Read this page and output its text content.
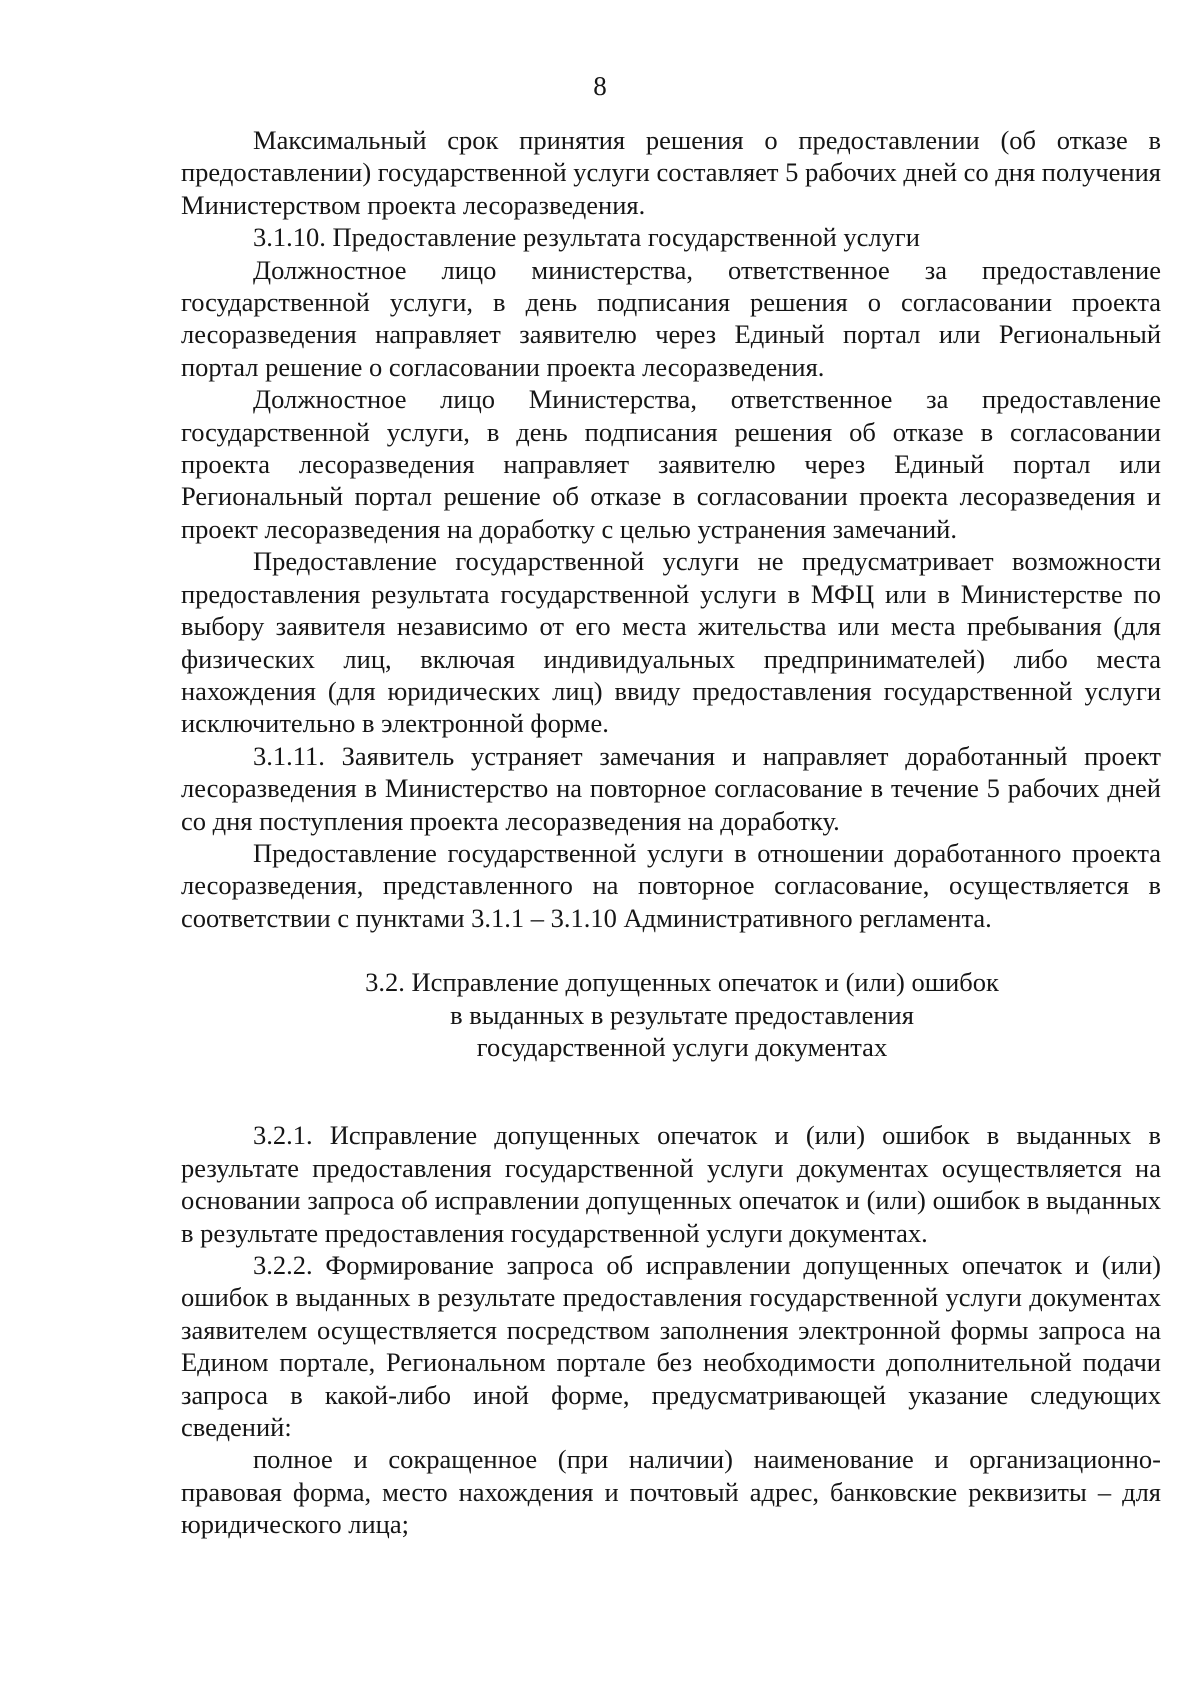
8

Максимальный срок принятия решения о предоставлении (об отказе в предоставлении) государственной услуги составляет 5 рабочих дней со дня получения Министерством проекта лесоразведения.

3.1.10. Предоставление результата государственной услуги

Должностное лицо министерства, ответственное за предоставление государственной услуги, в день подписания решения о согласовании проекта лесоразведения направляет заявителю через Единый портал или Региональный портал решение о согласовании проекта лесоразведения.

Должностное лицо Министерства, ответственное за предоставление государственной услуги, в день подписания решения об отказе в согласовании проекта лесоразведения направляет заявителю через Единый портал или Региональный портал решение об отказе в согласовании проекта лесоразведения и проект лесоразведения на доработку с целью устранения замечаний.

Предоставление государственной услуги не предусматривает возможности предоставления результата государственной услуги в МФЦ или в Министерстве по выбору заявителя независимо от его места жительства или места пребывания (для физических лиц, включая индивидуальных предпринимателей) либо места нахождения (для юридических лиц) ввиду предоставления государственной услуги исключительно в электронной форме.

3.1.11. Заявитель устраняет замечания и направляет доработанный проект лесоразведения в Министерство на повторное согласование в течение 5 рабочих дней со дня поступления проекта лесоразведения на доработку.

Предоставление государственной услуги в отношении доработанного проекта лесоразведения, представленного на повторное согласование, осуществляется в соответствии с пунктами 3.1.1 – 3.1.10 Административного регламента.

3.2. Исправление допущенных опечаток и (или) ошибок
в выданных в результате предоставления
государственной услуги документах

3.2.1. Исправление допущенных опечаток и (или) ошибок в выданных в результате предоставления государственной услуги документах осуществляется на основании запроса об исправлении допущенных опечаток и (или) ошибок в выданных в результате предоставления государственной услуги документах.

3.2.2. Формирование запроса об исправлении допущенных опечаток и (или) ошибок в выданных в результате предоставления государственной услуги документах заявителем осуществляется посредством заполнения электронной формы запроса на Едином портале, Региональном портале без необходимости дополнительной подачи запроса в какой-либо иной форме, предусматривающей указание следующих сведений:

полное и сокращенное (при наличии) наименование и организационно-правовая форма, место нахождения и почтовый адрес, банковские реквизиты – для юридического лица;
